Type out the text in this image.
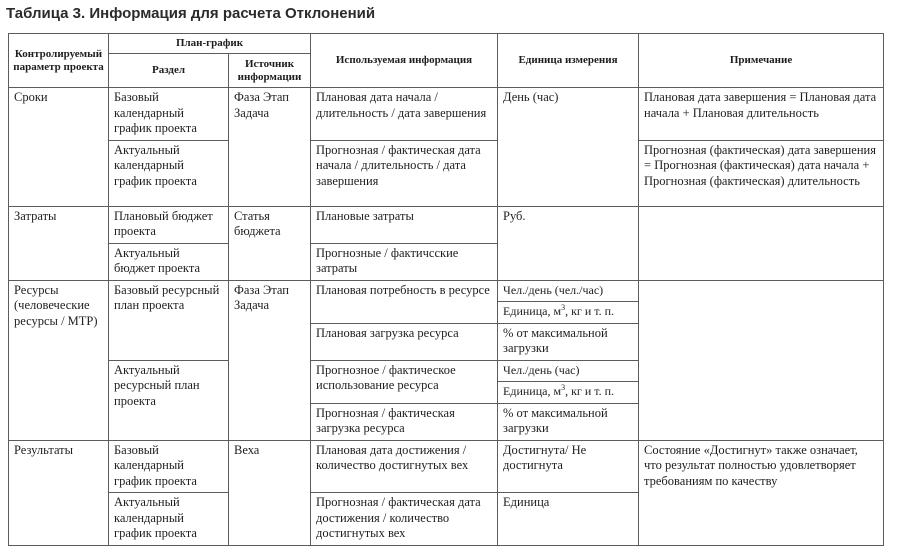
Таблица 3. Информация для расчета Отклонений
Контролируемый параметр проекта	План-график		Используемая информация	Единица измерения	Примечание
	Раздел	Источник информации			
Сроки	Базовый календарный график проекта	Фаза Этап Задача	Плановая дата начала / длительность / дата завершения	День (час)	Плановая дата завершения = Плановая дата начала + Плановая длительность
	Актуальный календарный график проекта		Прогнозная / фактическая дата начала / длительность / дата завершения		Прогнозная (фактическая) дата завершения = Прогнозная (фактическая) дата начала + Прогнозная (фактическая) длительность
Затраты	Плановый бюджет проекта	Статья бюджета	Плановые затраты	Руб.	
	Актуальный бюджет проекта		Прогнозные / фактичсские затраты		
Ресурсы (человеческие ресурсы / МТР)	Базовый ресурсный план проекта	Фаза Этап Задача	Плановая потребность в ресурсе	Чел./день (чел./час)	
				Единица, $м^3$, кг и т. п.	
			Плановая загрузка ресурса	% от максимальной загрузки	
	Актуальный ресурсный план проекта		Прогнозное / фактическое использование ресурса	Чел./день (час)	
				Единица, $м^3$, кг и т. п.	
			Прогнозная / фактическая загрузка ресурса	% от максимальной загрузки	
Результаты	Базовый календарный график проекта	Веха	Плановая дата достижения / количество достигнутых вех	Достигнута/ Не достигнута	Состояние «Достигнут» также означает, что результат полностью удовлетворяет требованиям по качеству
	Актуальный календарный график проекта		Прогнозная / фактическая дата достижения / количество достигнутых вех	Единица	
